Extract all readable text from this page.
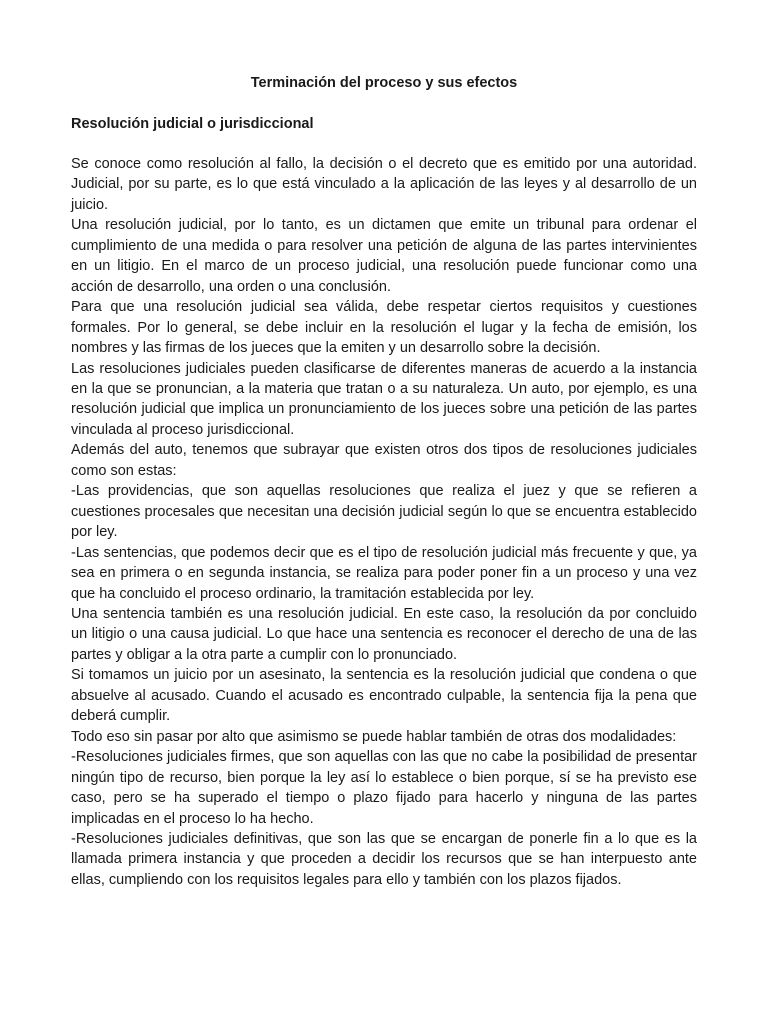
Terminación del proceso y sus efectos
Resolución judicial o jurisdiccional

Se conoce como resolución al fallo, la decisión o el decreto que es emitido por una autoridad. Judicial, por su parte, es lo que está vinculado a la aplicación de las leyes y al desarrollo de un juicio.

Una resolución judicial, por lo tanto, es un dictamen que emite un tribunal para ordenar el cumplimiento de una medida o para resolver una petición de alguna de las partes intervinientes en un litigio. En el marco de un proceso judicial, una resolución puede funcionar como una acción de desarrollo, una orden o una conclusión.

Para que una resolución judicial sea válida, debe respetar ciertos requisitos y cuestiones formales. Por lo general, se debe incluir en la resolución el lugar y la fecha de emisión, los nombres y las firmas de los jueces que la emiten y un desarrollo sobre la decisión.

Las resoluciones judiciales pueden clasificarse de diferentes maneras de acuerdo a la instancia en la que se pronuncian, a la materia que tratan o a su naturaleza. Un auto, por ejemplo, es una resolución judicial que implica un pronunciamiento de los jueces sobre una petición de las partes vinculada al proceso jurisdiccional.

Además del auto, tenemos que subrayar que existen otros dos tipos de resoluciones judiciales como son estas:

-Las providencias, que son aquellas resoluciones que realiza el juez y que se refieren a cuestiones procesales que necesitan una decisión judicial según lo que se encuentra establecido por ley.

-Las sentencias, que podemos decir que es el tipo de resolución judicial más frecuente y que, ya sea en primera o en segunda instancia, se realiza para poder poner fin a un proceso y una vez que ha concluido el proceso ordinario, la tramitación establecida por ley.

Una sentencia también es una resolución judicial. En este caso, la resolución da por concluido un litigio o una causa judicial. Lo que hace una sentencia es reconocer el derecho de una de las partes y obligar a la otra parte a cumplir con lo pronunciado.

Si tomamos un juicio por un asesinato, la sentencia es la resolución judicial que condena o que absuelve al acusado. Cuando el acusado es encontrado culpable, la sentencia fija la pena que deberá cumplir.

Todo eso sin pasar por alto que asimismo se puede hablar también de otras dos modalidades:

-Resoluciones judiciales firmes, que son aquellas con las que no cabe la posibilidad de presentar ningún tipo de recurso, bien porque la ley así lo establece o bien porque, sí se ha previsto ese caso, pero se ha superado el tiempo o plazo fijado para hacerlo y ninguna de las partes implicadas en el proceso lo ha hecho.

-Resoluciones judiciales definitivas, que son las que se encargan de ponerle fin a lo que es la llamada primera instancia y que proceden a decidir los recursos que se han interpuesto ante ellas, cumpliendo con los requisitos legales para ello y también con los plazos fijados.
